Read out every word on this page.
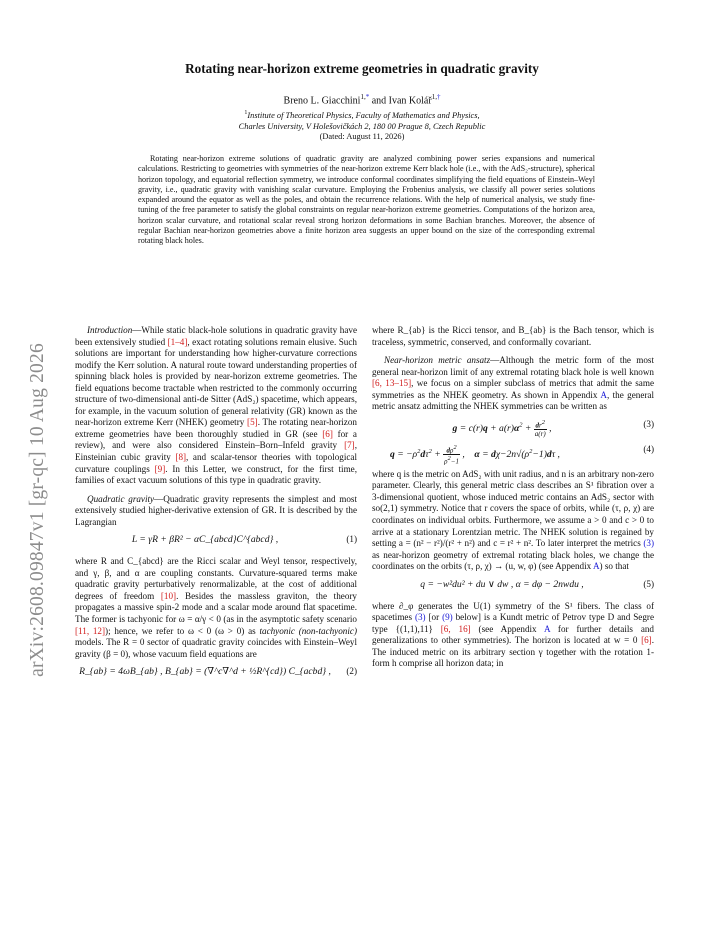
arXiv:2608.09847v1 [gr-qc] 10 Aug 2026
Rotating near-horizon extreme geometries in quadratic gravity
Breno L. Giacchini$^{1,*}$ and Ivan Kolář$^{1,\dagger}$
$^1$Institute of Theoretical Physics, Faculty of Mathematics and Physics,
Charles University, V Holešovičkách 2, 180 00 Prague 8, Czech Republic
(Dated: August 11, 2026)

Rotating near-horizon extreme solutions of quadratic gravity are analyzed combining power series expansions and numerical calculations. Restricting to geometries with symmetries of the near-horizon extreme Kerr black hole (i.e., with the AdS₂-structure), spherical horizon topology, and equatorial reflection symmetry, we introduce conformal coordinates simplifying the field equations of Einstein–Weyl gravity, i.e., quadratic gravity with vanishing scalar curvature. Employing the Frobenius analysis, we classify all power series solutions expanded around the equator as well as the poles, and obtain the recurrence relations. With the help of numerical analysis, we study fine-tuning of the free parameter to satisfy the global constraints on regular near-horizon extreme geometries. Computations of the horizon area, horizon scalar curvature, and rotational scalar reveal strong horizon deformations in some Bachian branches. Moreover, the absence of regular Bachian near-horizon geometries above a finite horizon area suggests an upper bound on the size of the corresponding extremal rotating black holes.

Introduction—While static black-hole solutions in quadratic gravity have been extensively studied [1–4], exact rotating solutions remain elusive. Such solutions are important for understanding how higher-curvature corrections modify the Kerr solution. A natural route toward understanding properties of spinning black holes is provided by near-horizon extreme geometries. The field equations become tractable when restricted to the commonly occurring structure of two-dimensional anti-de Sitter (AdS₂) spacetime, which appears, for example, in the vacuum solution of general relativity (GR) known as the near-horizon extreme Kerr (NHEK) geometry [5]. The rotating near-horizon extreme geometries have been thoroughly studied in GR (see [6] for a review), and were also considered Einstein–Born–Infeld gravity [7], Einsteinian cubic gravity [8], and scalar-tensor theories with topological curvature couplings [9]. In this Letter, we construct, for the first time, families of exact vacuum solutions of this type in quadratic gravity.

Quadratic gravity—Quadratic gravity represents the simplest and most extensively studied higher-derivative extension of GR. It is described by the Lagrangian

L = γR + βR² − αC_{abcd}C^{abcd} ,	(1)

where R and C_{abcd} are the Ricci scalar and Weyl tensor, respectively, and γ, β, and α are coupling constants. Curvature-squared terms make quadratic gravity perturbatively renormalizable, at the cost of additional degrees of freedom [10]. Besides the massless graviton, the theory propagates a massive spin-2 mode and a scalar mode around flat spacetime. The former is tachyonic for ω = α/γ < 0 (as in the asymptotic safety scenario [11, 12]); hence, we refer to ω < 0 (ω > 0) as tachyonic (non-tachyonic) models. The R = 0 sector of quadratic gravity coincides with Einstein–Weyl gravity (β = 0), whose vacuum field equations are

R_{ab} = 4ωB_{ab} , B_{ab} = (∇^c∇^d + ½R^{cd}) C_{acbd} ,	(2)

where R_{ab} is the Ricci tensor, and B_{ab} is the Bach tensor, which is traceless, symmetric, conserved, and conformally covariant.

Near-horizon metric ansatz—Although the metric form of the most general near-horizon limit of any extremal rotating black hole is well known [6, 13–15], we focus on a simpler subclass of metrics that admit the same symmetries as the NHEK geometry. As shown in Appendix A, the general metric ansatz admitting the NHEK symmetries can be written as

$g = c(r)q + a(r)\alpha^2 + \frac{dr^2}{a(r)}$ ,	(3)
$q = -\rho^2d\tau^2 + \frac{d\rho^2}{\rho^2-1}$ ,    $\alpha = d\chi-2n√(\rho^2-1)d\tau$ ,
(4)

where q is the metric on AdS₂ with unit radius, and n is an arbitrary non-zero parameter. Clearly, this general metric class describes an S¹ fibration over a 3-dimensional quotient, whose induced metric contains an AdS₂ sector with so(2,1) symmetry. Notice that r covers the space of orbits, while (τ, ρ, χ) are coordinates on individual orbits. Furthermore, we assume a > 0 and c > 0 to arrive at a stationary Lorentzian metric. The NHEK solution is regained by setting a = (n² − r²)/(r² + n²) and c = r² + n². To later interpret the metrics (3) as near-horizon geometry of extremal rotating black holes, we change the coordinates on the orbits (τ, ρ, χ) → (u, w, φ) (see Appendix A) so that

q = −w²du² + du ∨ dw , α = dφ − 2nwdu ,	(5)

where ∂_φ generates the U(1) symmetry of the S¹ fibers. The class of spacetimes (3) [or (9) below] is a Kundt metric of Petrov type D and Segre type {(1,1),11} [6, 16] (see Appendix A for further details and generalizations to other symmetries). The horizon is located at w = 0 [6]. The induced metric on its arbitrary section γ together with the rotation 1-form h comprise all horizon data; in
